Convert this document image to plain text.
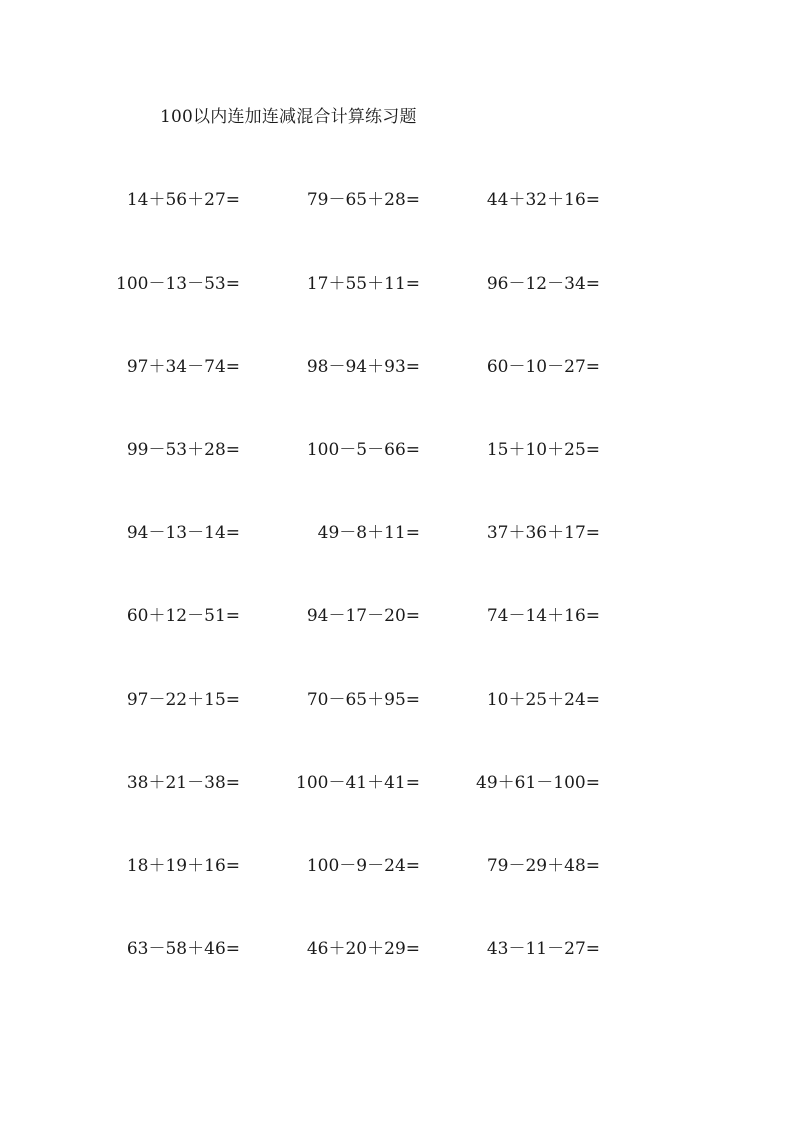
100以内连加连减混合计算练习题
14＋56＋27=	79－65＋28=	44＋32＋16=
100－13－53=	17＋55＋11=	96－12－34=
97＋34－74=	98－94＋93=	60－10－27=
99－53＋28=	100－5－66=	15＋10＋25=
94－13－14=	49－8＋11=	37＋36＋17=
60＋12－51=	94－17－20=	74－14＋16=
97－22＋15=	70－65＋95=	10＋25＋24=
38＋21－38=	100－41＋41=	49＋61－100=
18＋19＋16=	100－9－24=	79－29＋48=
63－58＋46=	46＋20＋29=	43－11－27=
